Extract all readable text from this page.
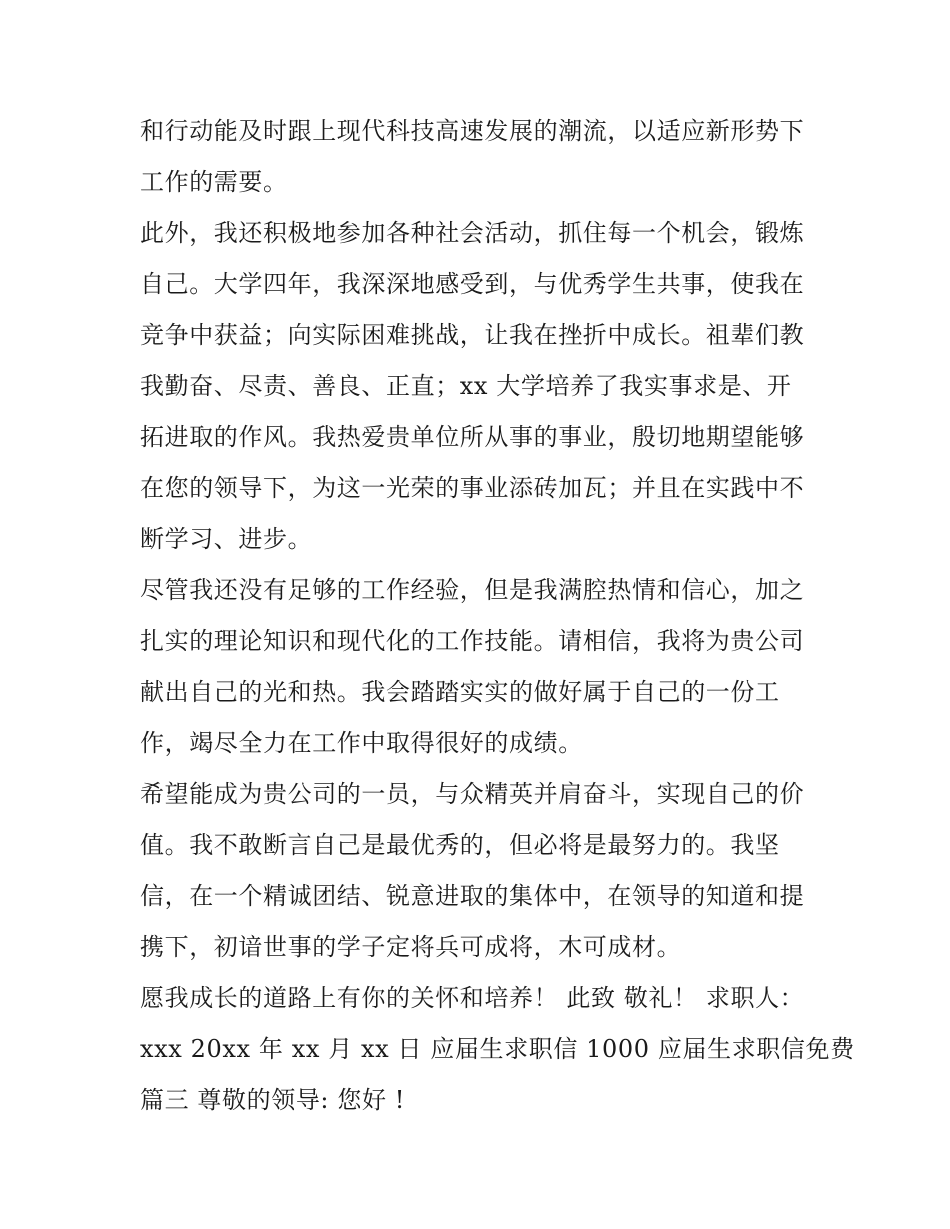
和行动能及时跟上现代科技高速发展的潮流，以适应新形势下
工作的需要。
此外，我还积极地参加各种社会活动，抓住每一个机会，锻炼
自己。大学四年，我深深地感受到，与优秀学生共事，使我在
竞争中获益；向实际困难挑战，让我在挫折中成长。祖辈们教
我勤奋、尽责、善良、正直；xx 大学培养了我实事求是、开
拓进取的作风。我热爱贵单位所从事的事业，殷切地期望能够
在您的领导下，为这一光荣的事业添砖加瓦；并且在实践中不
断学习、进步。
尽管我还没有足够的工作经验，但是我满腔热情和信心，加之
扎实的理论知识和现代化的工作技能。请相信，我将为贵公司
献出自己的光和热。我会踏踏实实的做好属于自己的一份工
作，竭尽全力在工作中取得很好的成绩。
希望能成为贵公司的一员，与众精英并肩奋斗，实现自己的价
值。我不敢断言自己是最优秀的，但必将是最努力的。我坚
信，在一个精诚团结、锐意进取的集体中，在领导的知道和提
携下，初谙世事的学子定将兵可成将，木可成材。
愿我成长的道路上有你的关怀和培养！ 此致 敬礼！ 求职人：
xxx 20xx 年 xx 月 xx 日 应届生求职信 1000 应届生求职信免费
篇三 尊敬的领导: 您好 !
